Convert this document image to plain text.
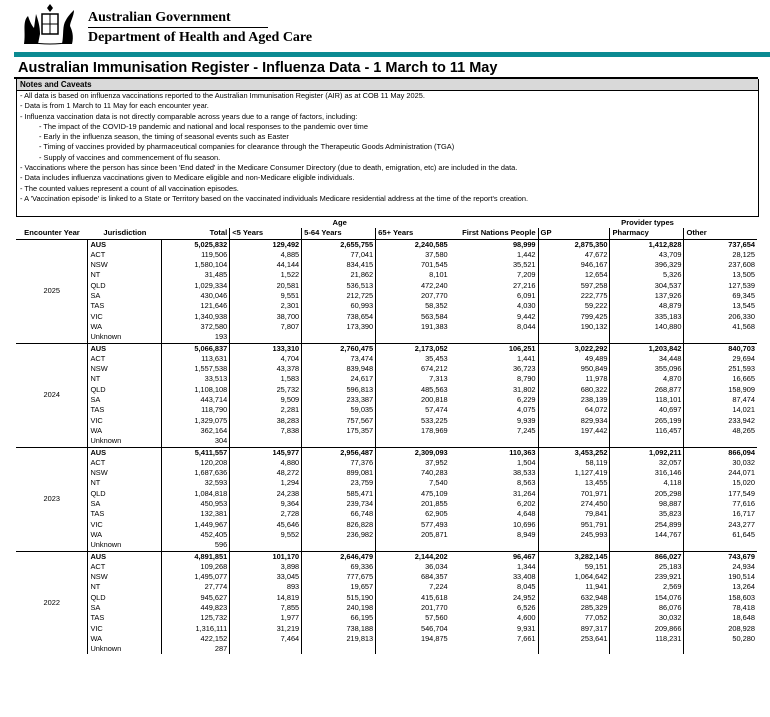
Australian Government
Department of Health and Aged Care
Australian Immunisation Register - Influenza Data - 1 March to 11 May
Notes and Caveats
- All data is based on influenza vaccinations reported to the Australian Immunisation Register (AIR) as at COB 11 May 2025.
- Data is from 1 March to 11 May for each encounter year.
- Influenza vaccination data is not directly comparable across years due to a range of factors, including:
- The impact of the COVID-19 pandemic and national and local responses to the pandemic over time
- Early in the influenza season, the timing of seasonal events such as Easter
- Timing of vaccines provided by pharmaceutical companies for clearance through the Therapeutic Goods Administration (TGA)
- Supply of vaccines and commencement of flu season.
- Vaccinations where the person has since been 'End dated' in the Medicare Consumer Directory (due to death, emigration, etc) are included in the data.
- Data includes influenza vaccinations given to Medicare eligible and non-Medicare eligible individuals.
- The counted values represent a count of all vaccination episodes.
- A 'Vaccination episode' is linked to a State or Territory based on the vaccinated individuals Medicare residential address at the time of the report's creation.
			Age				Provider types		
Encounter Year	Jurisdiction	Total	<5 Years	5-64 Years	65+ Years	First Nations People	GP	Pharmacy	Other
2025	AUS	5,025,832	129,492	2,655,755	2,240,585	98,999	2,875,350	1,412,828	737,654
	ACT	119,506	4,885	77,041	37,580	1,442	47,672	43,709	28,125
	NSW	1,580,104	44,144	834,415	701,545	35,521	946,167	396,329	237,608
	NT	31,485	1,522	21,862	8,101	7,209	12,654	5,326	13,505
	QLD	1,029,334	20,581	536,513	472,240	27,216	597,258	304,537	127,539
	SA	430,046	9,551	212,725	207,770	6,091	222,775	137,926	69,345
	TAS	121,646	2,301	60,993	58,352	4,030	59,222	48,879	13,545
	VIC	1,340,938	38,700	738,654	563,584	9,442	799,425	335,183	206,330
	WA	372,580	7,807	173,390	191,383	8,044	190,132	140,880	41,568
	Unknown	193							
2024	AUS	5,066,837	133,310	2,760,475	2,173,052	106,251	3,022,292	1,203,842	840,703
	ACT	113,631	4,704	73,474	35,453	1,441	49,489	34,448	29,694
	NSW	1,557,538	43,378	839,948	674,212	36,723	950,849	355,096	251,593
	NT	33,513	1,583	24,617	7,313	8,790	11,978	4,870	16,665
	QLD	1,108,108	25,732	596,813	485,563	31,802	680,322	268,877	158,909
	SA	443,714	9,509	233,387	200,818	6,229	238,139	118,101	87,474
	TAS	118,790	2,281	59,035	57,474	4,075	64,072	40,697	14,021
	VIC	1,329,075	38,283	757,567	533,225	9,939	829,934	265,199	233,942
	WA	362,164	7,838	175,357	178,969	7,245	197,442	116,457	48,265
	Unknown	304							
2023	AUS	5,411,557	145,977	2,956,487	2,309,093	110,363	3,453,252	1,092,211	866,094
	ACT	120,208	4,880	77,376	37,952	1,504	58,119	32,057	30,032
	NSW	1,687,636	48,272	899,081	740,283	38,533	1,127,419	316,146	244,071
	NT	32,593	1,294	23,759	7,540	8,563	13,455	4,118	15,020
	QLD	1,084,818	24,238	585,471	475,109	31,264	701,971	205,298	177,549
	SA	450,953	9,364	239,734	201,855	6,202	274,450	98,887	77,616
	TAS	132,381	2,728	66,748	62,905	4,648	79,841	35,823	16,717
	VIC	1,449,967	45,646	826,828	577,493	10,696	951,791	254,899	243,277
	WA	452,405	9,552	236,982	205,871	8,949	245,993	144,767	61,645
	Unknown	596							
2022	AUS	4,891,851	101,170	2,646,479	2,144,202	96,467	3,282,145	866,027	743,679
	ACT	109,268	3,898	69,336	36,034	1,344	59,151	25,183	24,934
	NSW	1,495,077	33,045	777,675	684,357	33,408	1,064,642	239,921	190,514
	NT	27,774	893	19,657	7,224	8,045	11,941	2,569	13,264
	QLD	945,627	14,819	515,190	415,618	24,952	632,948	154,076	158,603
	SA	449,823	7,855	240,198	201,770	6,526	285,329	86,076	78,418
	TAS	125,732	1,977	66,195	57,560	4,600	77,052	30,032	18,648
	VIC	1,316,111	31,219	738,188	546,704	9,931	897,317	209,866	208,928
	WA	422,152	7,464	219,813	194,875	7,661	253,641	118,231	50,280
	Unknown	287							
